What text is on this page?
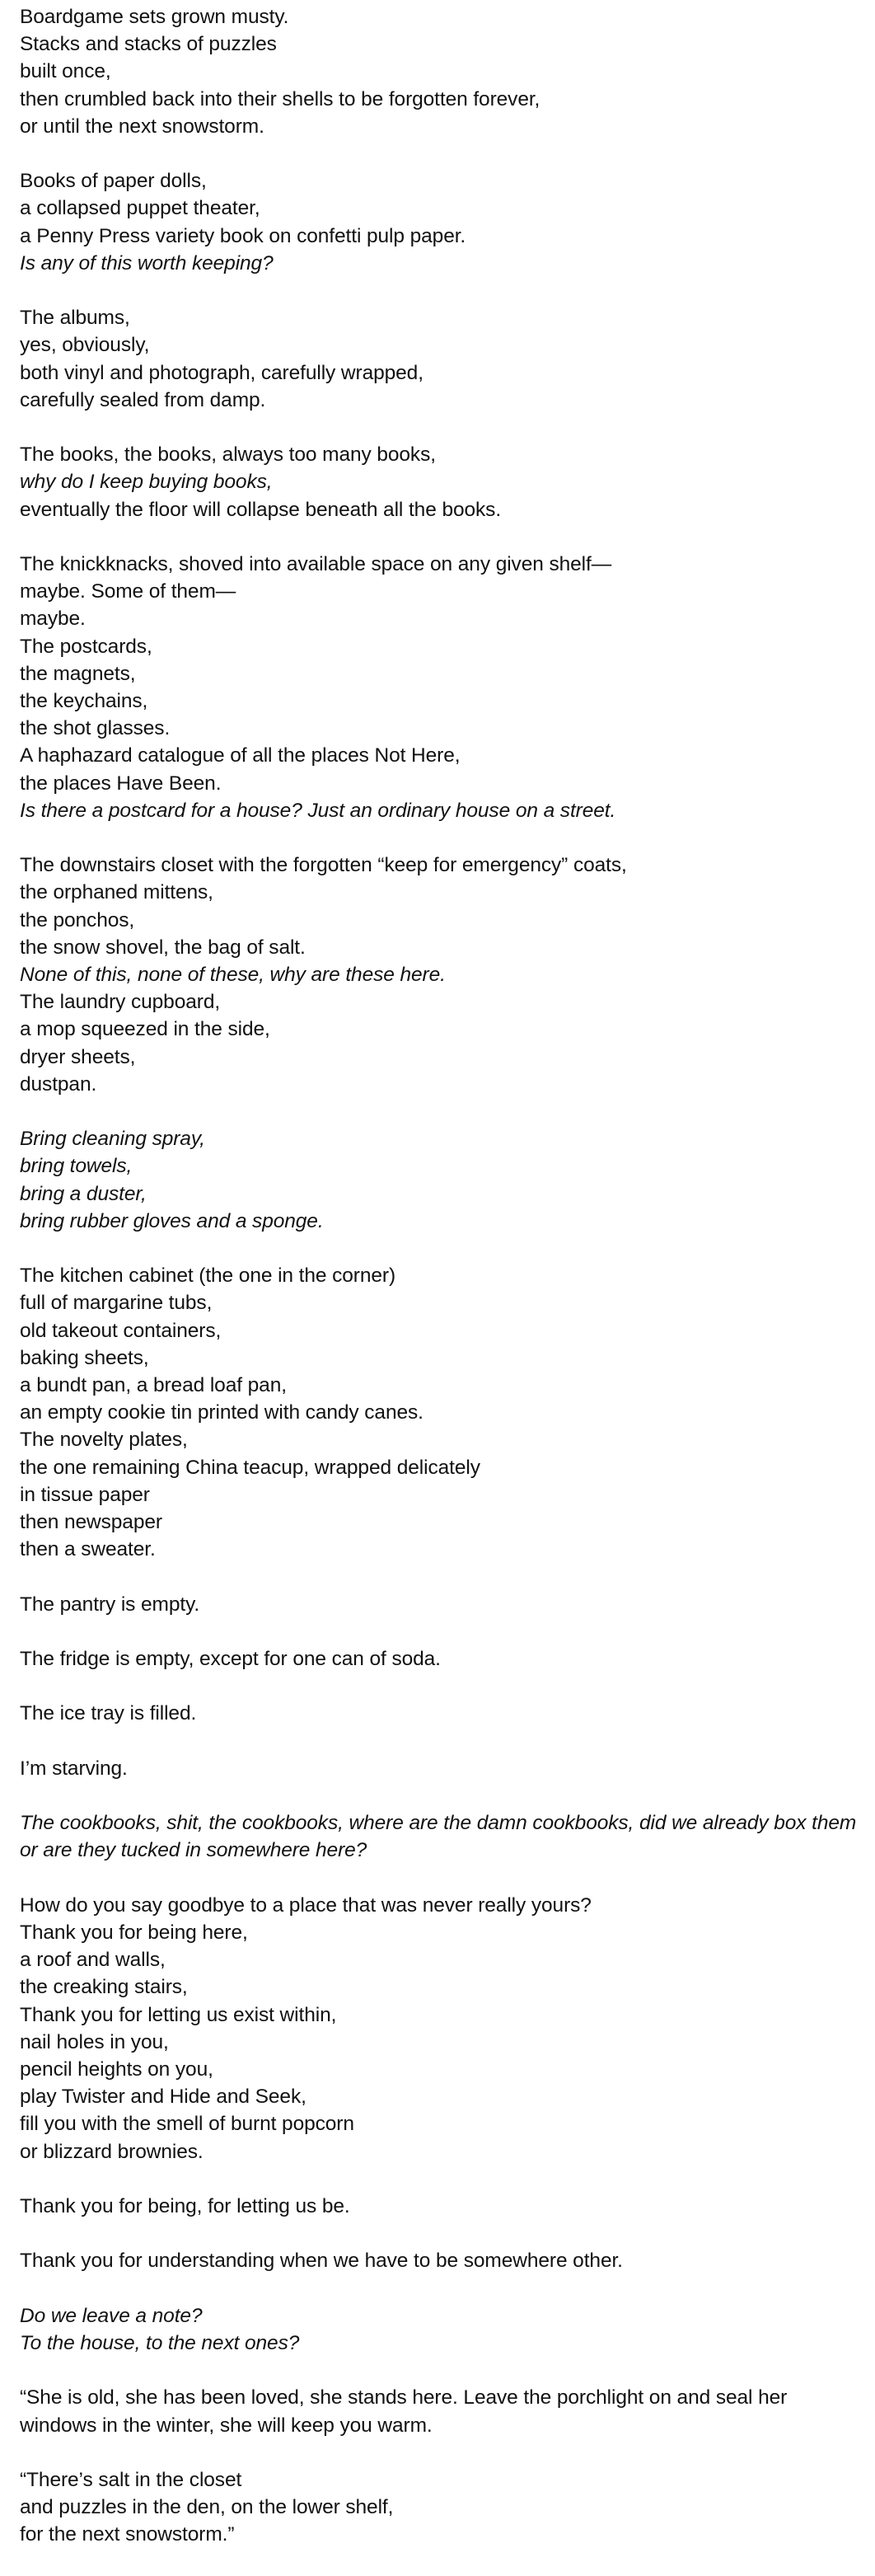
Boardgame sets grown musty.
Stacks and stacks of puzzles
built once,
then crumbled back into their shells to be forgotten forever,
or until the next snowstorm.
Books of paper dolls,
a collapsed puppet theater,
a Penny Press variety book on confetti pulp paper.
Is any of this worth keeping?
The albums,
yes, obviously,
both vinyl and photograph, carefully wrapped,
carefully sealed from damp.
The books, the books, always too many books,
why do I keep buying books,
eventually the floor will collapse beneath all the books.
The knickknacks, shoved into available space on any given shelf—
maybe. Some of them—
maybe.
The postcards,
the magnets,
the keychains,
the shot glasses.
A haphazard catalogue of all the places Not Here,
the places Have Been.
Is there a postcard for a house? Just an ordinary house on a street.
The downstairs closet with the forgotten “keep for emergency” coats,
the orphaned mittens,
the ponchos,
the snow shovel, the bag of salt.
None of this, none of these, why are these here.
The laundry cupboard,
a mop squeezed in the side,
dryer sheets,
dustpan.
Bring cleaning spray,
bring towels,
bring a duster,
bring rubber gloves and a sponge.
The kitchen cabinet (the one in the corner)
full of margarine tubs,
old takeout containers,
baking sheets,
a bundt pan, a bread loaf pan,
an empty cookie tin printed with candy canes.
The novelty plates,
the one remaining China teacup, wrapped delicately
in tissue paper
then newspaper
then a sweater.
The pantry is empty.
The fridge is empty, except for one can of soda.
The ice tray is filled.
I’m starving.
The cookbooks, shit, the cookbooks, where are the damn cookbooks, did we already box them or are they tucked in somewhere here?
How do you say goodbye to a place that was never really yours?
Thank you for being here,
a roof and walls,
the creaking stairs,
Thank you for letting us exist within,
nail holes in you,
pencil heights on you,
play Twister and Hide and Seek,
fill you with the smell of burnt popcorn
or blizzard brownies.
Thank you for being, for letting us be.
Thank you for understanding when we have to be somewhere other.
Do we leave a note?
To the house, to the next ones?
“She is old, she has been loved, she stands here. Leave the porchlight on and seal her windows in the winter, she will keep you warm.
“There’s salt in the closet
and puzzles in the den, on the lower shelf,
for the next snowstorm.”
